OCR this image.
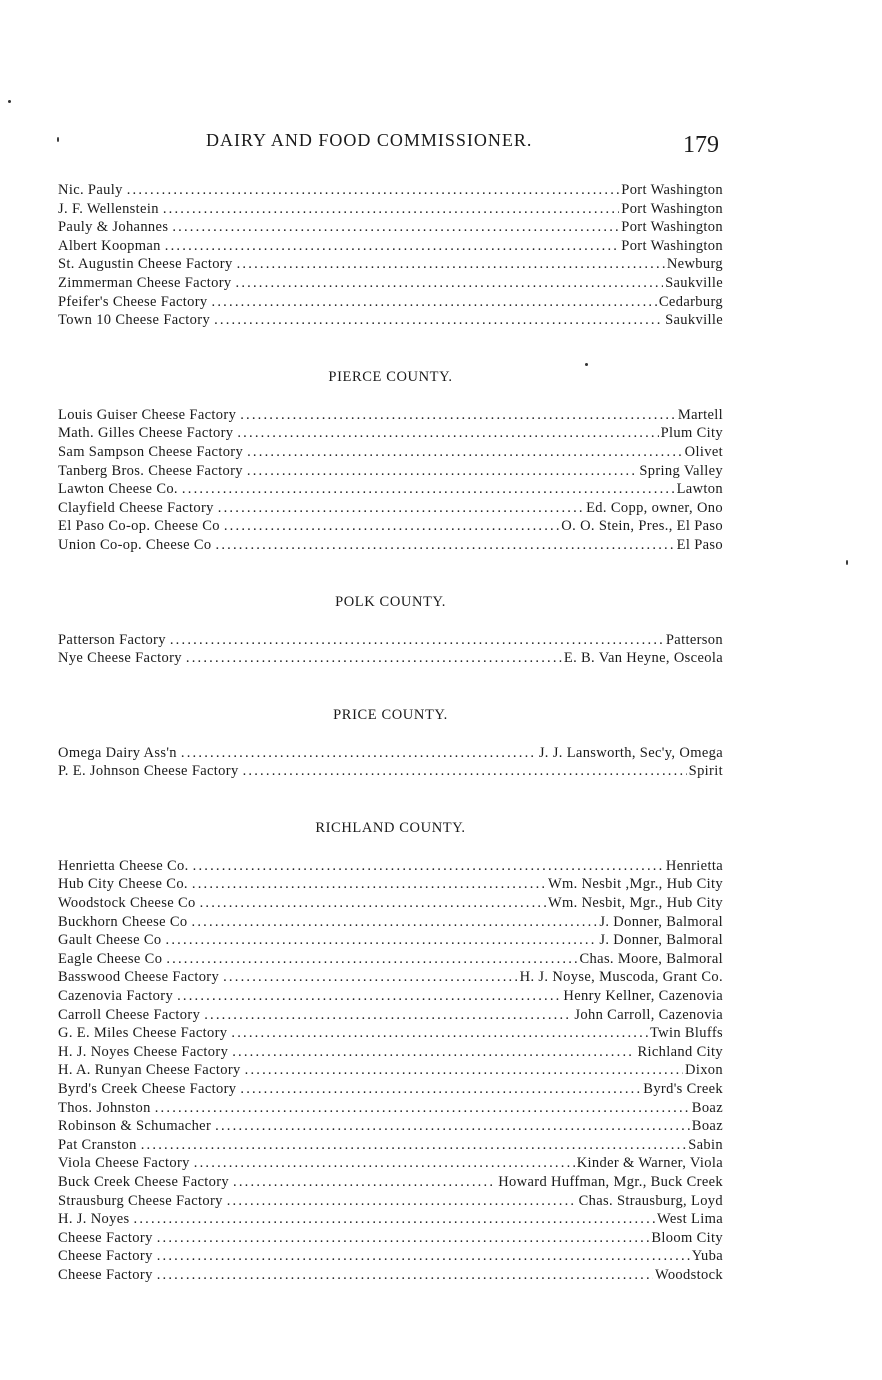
DAIRY AND FOOD COMMISSIONER.	179
Nic. Pauly .....	Port Washington
J. F. Wellenstein .....	Port Washington
Pauly & Johannes .....	Port Washington
Albert Koopman .....	Port Washington
St. Augustin Cheese Factory .....	Newburg
Zimmerman Cheese Factory .....	Saukville
Pfeifer's Cheese Factory .....	Cedarburg
Town 10 Cheese Factory .....	Saukville
PIERCE COUNTY.
Louis Guiser Cheese Factory .....	Martell
Math. Gilles Cheese Factory .....	Plum City
Sam Sampson Cheese Factory .....	Olivet
Tanberg Bros. Cheese Factory .....	Spring Valley
Lawton Cheese Co. .....	Lawton
Clayfield Cheese Factory .....	Ed. Copp, owner, Ono
El Paso Co-op. Cheese Co .....	O. O. Stein, Pres., El Paso
Union Co-op. Cheese Co .....	El Paso
POLK COUNTY.
Patterson Factory .....	Patterson
Nye Cheese Factory .....	E. B. Van Heyne, Osceola
PRICE COUNTY.
Omega Dairy Ass'n .....	J. J. Lansworth, Sec'y, Omega
P. E. Johnson Cheese Factory .....	Spirit
RICHLAND COUNTY.
Henrietta Cheese Co. .....	Henrietta
Hub City Cheese Co. .....	Wm. Nesbit ,Mgr., Hub City
Woodstock Cheese Co .....	Wm. Nesbit, Mgr., Hub City
Buckhorn Cheese Co .....	J. Donner, Balmoral
Gault Cheese Co .....	J. Donner, Balmoral
Eagle Cheese Co .....	Chas. Moore, Balmoral
Basswood Cheese Factory .....	H. J. Noyse, Muscoda, Grant Co.
Cazenovia Factory .....	Henry Kellner, Cazenovia
Carroll Cheese Factory .....	John Carroll, Cazenovia
G. E. Miles Cheese Factory .....	Twin Bluffs
H. J. Noyes Cheese Factory .....	Richland City
H. A. Runyan Cheese Factory .....	Dixon
Byrd's Creek Cheese Factory .....	Byrd's Creek
Thos. Johnston .....	Boaz
Robinson & Schumacher .....	Boaz
Pat Cranston .....	Sabin
Viola Cheese Factory .....	Kinder & Warner, Viola
Buck Creek Cheese Factory .....	Howard Huffman, Mgr., Buck Creek
Strausburg Cheese Factory .....	Chas. Strausburg, Loyd
H. J. Noyes .....	West Lima
Cheese Factory .....	Bloom City
Cheese Factory .....	Yuba
Cheese Factory .....	Woodstock
